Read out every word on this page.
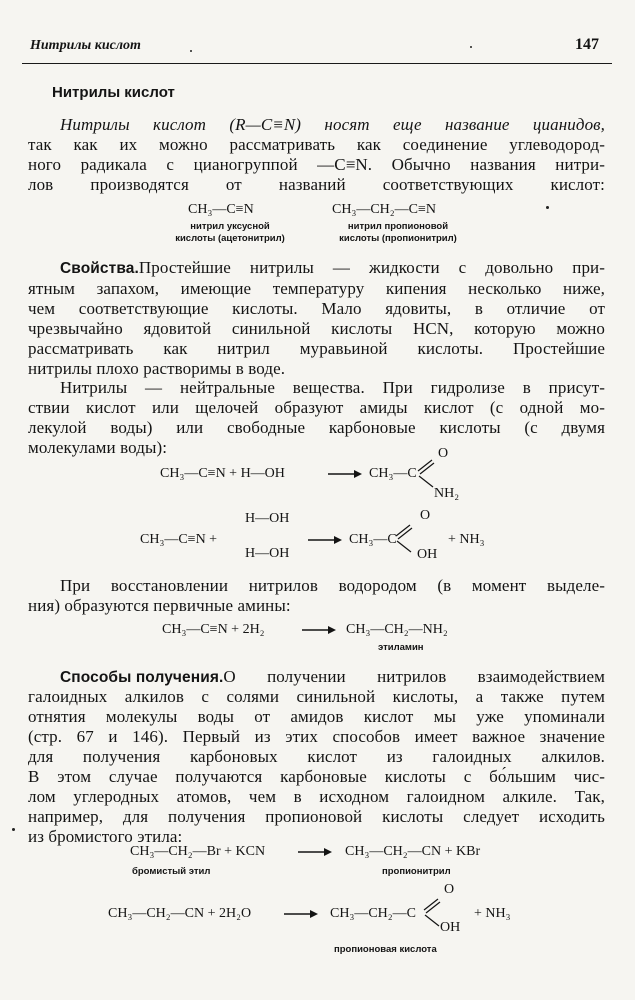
Нитрилы кислот	147
Нитрилы кислот
Нитрилы кислот (R—C≡N) носят еще название цианидов,
так как их можно рассматривать как соединение углеводород-
ного радикала с цианогруппой —C≡N. Обычно названия нитри-
лов производятся от названий соответствующих кислот:
CH₃—C≡N
нитрил уксусной
кислоты (ацетонитрил)
CH₃—CH₂—C≡N
нитрил пропионовой
кислоты (пропионитрил)
Свойства. Простейшие нитрилы — жидкости с довольно при-
ятным запахом, имеющие температуру кипения несколько ниже,
чем соответствующие кислоты. Мало ядовиты, в отличие от
чрезвычайно ядовитой синильной кислоты HCN, которую можно
рассматривать как нитрил муравьиной кислоты. Простейшие
нитрилы плохо растворимы в воде.
Нитрилы — нейтральные вещества. При гидролизе в присут-
ствии кислот или щелочей образуют амиды кислот (с одной мо-
лекулой воды) или свободные карбоновые кислоты (с двумя
молекулами воды):
CH₃—C≡N + H—OH	CH₃—C
O
NH₂
CH₃—C≡N +
H—OH
H—OH
CH₃—C
O
OH
+ NH₃
При восстановлении нитрилов водородом (в момент выделе-
ния) образуются первичные амины:
CH₃—C≡N + 2H₂	CH₃—CH₂—NH₂
этиламин
Способы получения. О получении нитрилов взаимодействием
галоидных алкилов с солями синильной кислоты, а также путем
отнятия молекулы воды от амидов кислот мы уже упоминали
(стр. 67 и 146). Первый из этих способов имеет важное значение
для получения карбоновых кислот из галоидных алкилов.
В этом случае получаются карбоновые кислоты с бо́льшим чис-
лом углеродных атомов, чем в исходном галоидном алкиле. Так,
например, для получения пропионовой кислоты следует исходить
из бромистого этила:
CH₃—CH₂—Br + KCN	CH₃—CH₂—CN + KBr
бромистый этил	пропионитрил
CH₃—CH₂—CN + 2H₂O	CH₃—CH₂—C
O
OH
+ NH₃
пропионовая кислота
